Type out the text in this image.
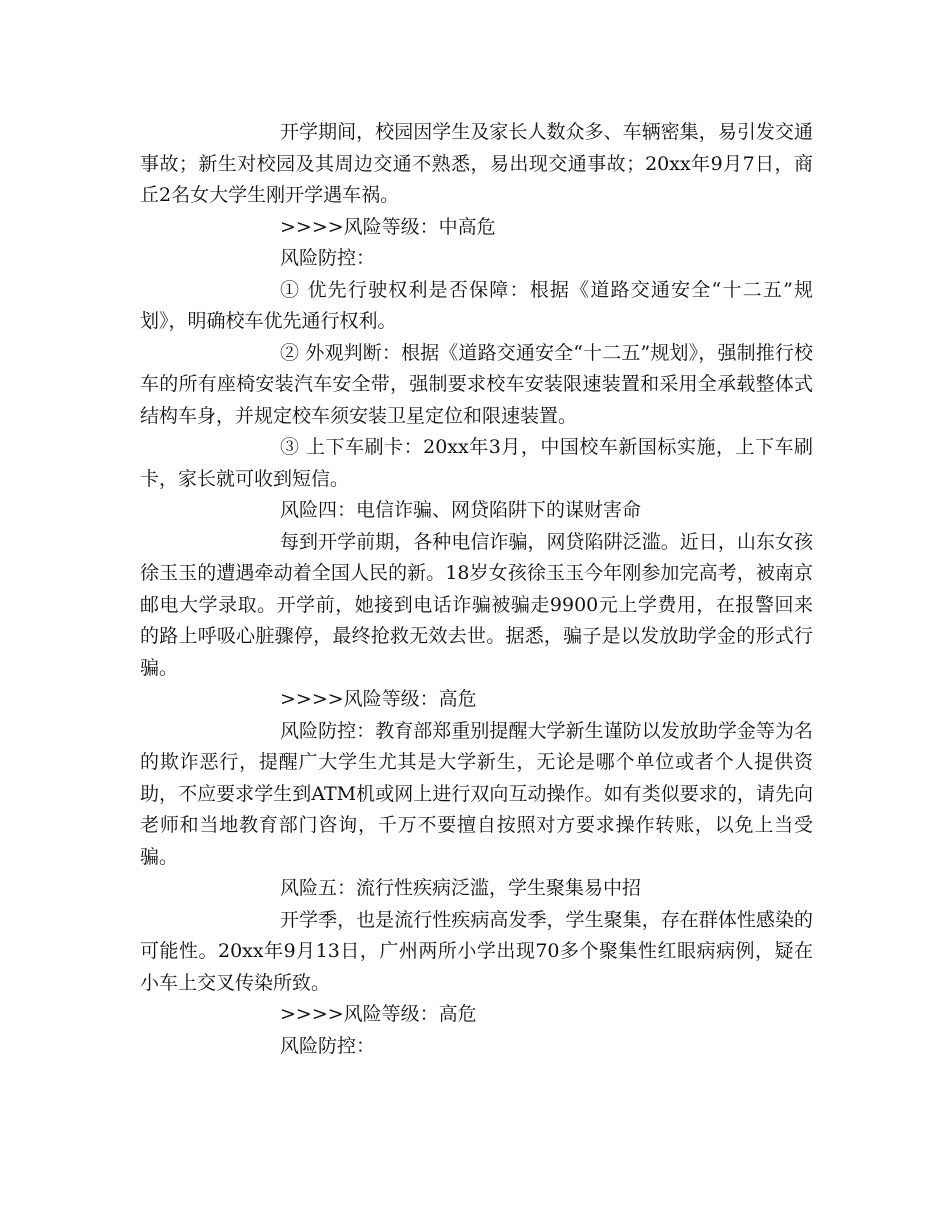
开学期间，校园因学生及家长人数众多、车辆密集，易引发交通事故；新生对校园及其周边交通不熟悉，易出现交通事故；20xx年9月7日，商丘2名女大学生刚开学遇车祸。

>>>>风险等级：中高危

风险防控：

① 优先行驶权利是否保障：根据《道路交通安全“十二五”规划》，明确校车优先通行权利。

② 外观判断：根据《道路交通安全“十二五”规划》，强制推行校车的所有座椅安装汽车安全带，强制要求校车安装限速装置和采用全承载整体式结构车身，并规定校车须安装卫星定位和限速装置。

③ 上下车刷卡：20xx年3月，中国校车新国标实施，上下车刷卡，家长就可收到短信。

风险四：电信诈骗、网贷陷阱下的谋财害命

每到开学前期，各种电信诈骗，网贷陷阱泛滥。近日，山东女孩徐玉玉的遭遇牵动着全国人民的新。18岁女孩徐玉玉今年刚参加完高考，被南京邮电大学录取。开学前，她接到电话诈骗被骗走9900元上学费用，在报警回来的路上呼吸心脏骤停，最终抢救无效去世。据悉，骗子是以发放助学金的形式行骗。

>>>>风险等级：高危

风险防控：教育部郑重别提醒大学新生谨防以发放助学金等为名的欺诈恶行，提醒广大学生尤其是大学新生，无论是哪个单位或者个人提供资助，不应要求学生到ATM机或网上进行双向互动操作。如有类似要求的，请先向老师和当地教育部门咨询，千万不要擅自按照对方要求操作转账，以免上当受骗。

风险五：流行性疾病泛滥，学生聚集易中招

开学季，也是流行性疾病高发季，学生聚集，存在群体性感染的可能性。20xx年9月13日，广州两所小学出现70多个聚集性红眼病病例，疑在小车上交叉传染所致。

>>>>风险等级：高危

风险防控：
